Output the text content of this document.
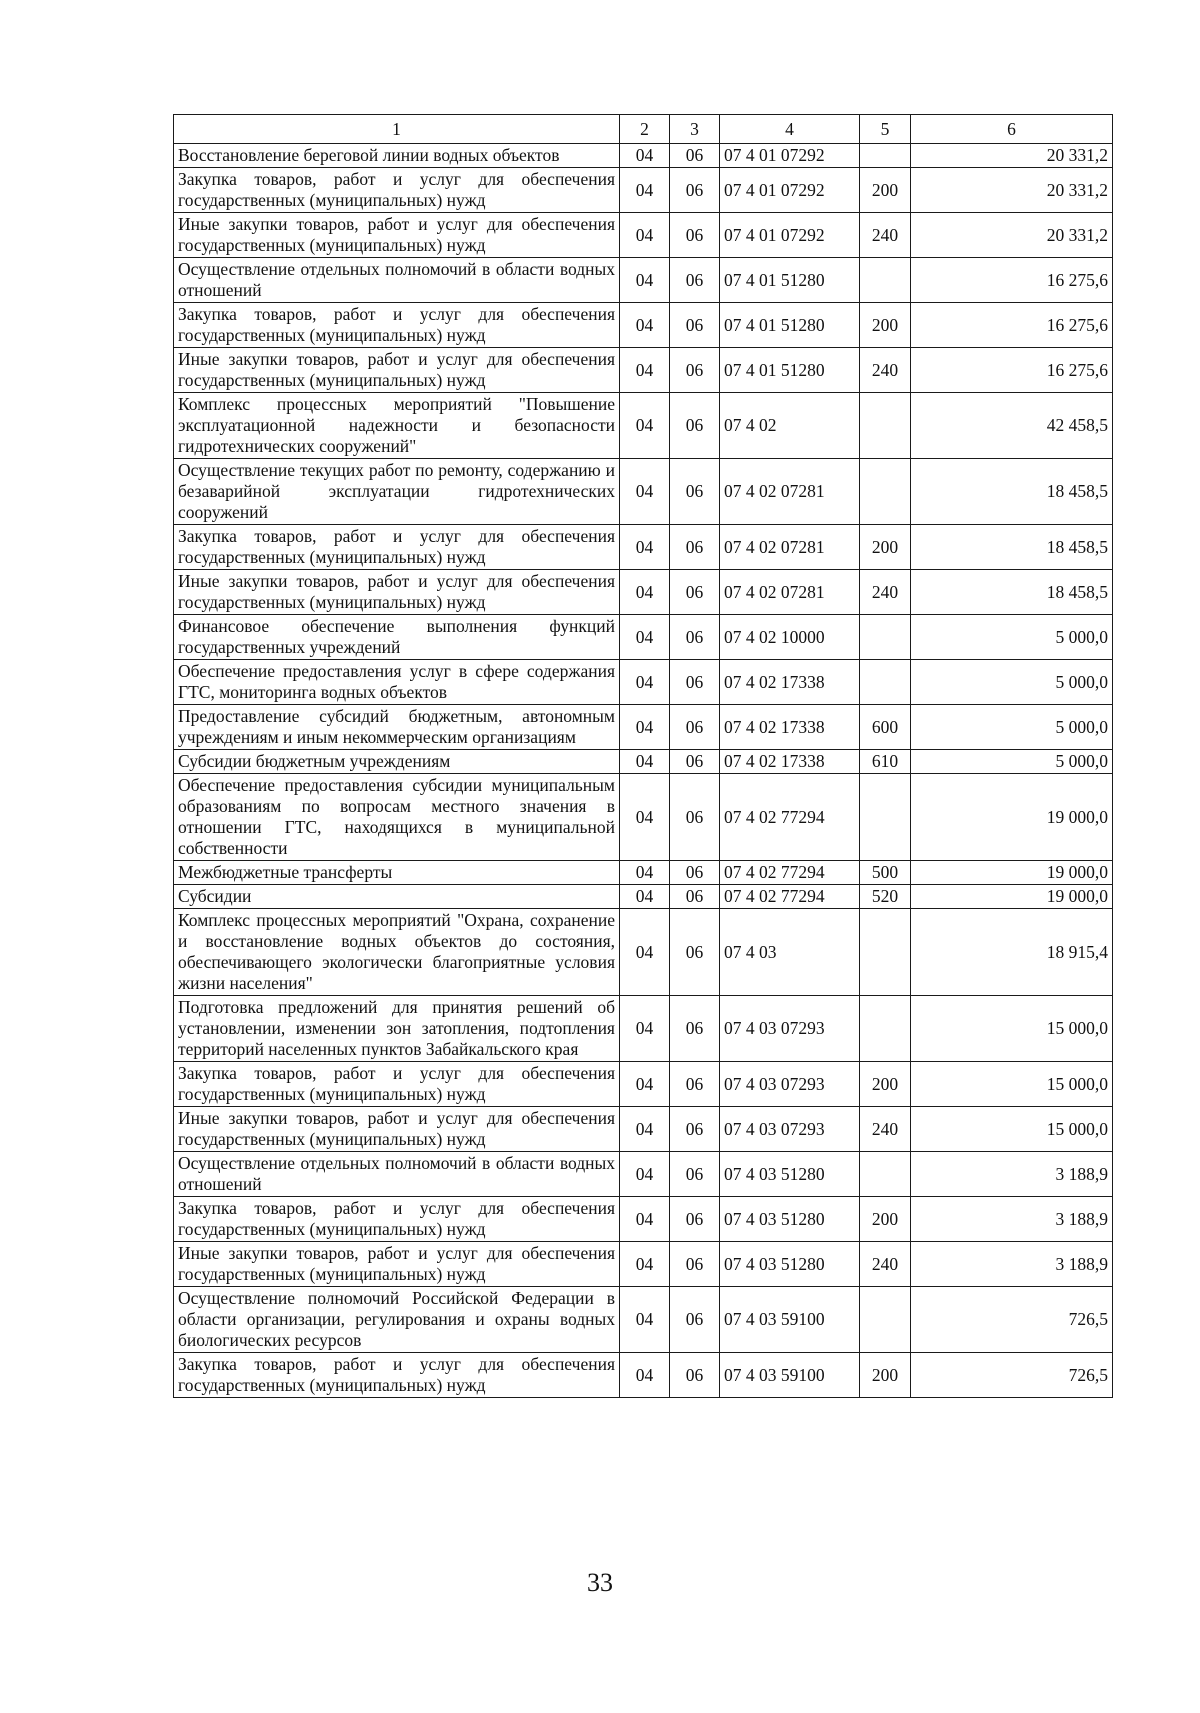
1	2	3	4	5	6
Восстановление береговой линии водных объектов	04	06	07 4 01 07292		20 331,2
Закупка товаров, работ и услуг для обеспечения государственных (муниципальных) нужд	04	06	07 4 01 07292	200	20 331,2
Иные закупки товаров, работ и услуг для обеспечения государственных (муниципальных) нужд	04	06	07 4 01 07292	240	20 331,2
Осуществление отдельных полномочий в области водных отношений	04	06	07 4 01 51280		16 275,6
Закупка товаров, работ и услуг для обеспечения государственных (муниципальных) нужд	04	06	07 4 01 51280	200	16 275,6
Иные закупки товаров, работ и услуг для обеспечения государственных (муниципальных) нужд	04	06	07 4 01 51280	240	16 275,6
Комплекс процессных мероприятий "Повышение эксплуатационной надежности и безопасности гидротехнических сооружений"	04	06	07 4 02		42 458,5
Осуществление текущих работ по ремонту, содержанию и безаварийной эксплуатации гидротехнических сооружений	04	06	07 4 02 07281		18 458,5
Закупка товаров, работ и услуг для обеспечения государственных (муниципальных) нужд	04	06	07 4 02 07281	200	18 458,5
Иные закупки товаров, работ и услуг для обеспечения государственных (муниципальных) нужд	04	06	07 4 02 07281	240	18 458,5
Финансовое обеспечение выполнения функций государственных учреждений	04	06	07 4 02 10000		5 000,0
Обеспечение предоставления услуг в сфере содержания ГТС, мониторинга водных объектов	04	06	07 4 02 17338		5 000,0
Предоставление субсидий бюджетным, автономным учреждениям и иным некоммерческим организациям	04	06	07 4 02 17338	600	5 000,0
Субсидии бюджетным учреждениям	04	06	07 4 02 17338	610	5 000,0
Обеспечение предоставления субсидии муниципальным образованиям по вопросам местного значения в отношении ГТС, находящихся в муниципальной собственности	04	06	07 4 02 77294		19 000,0
Межбюджетные трансферты	04	06	07 4 02 77294	500	19 000,0
Субсидии	04	06	07 4 02 77294	520	19 000,0
Комплекс процессных мероприятий "Охрана, сохранение и восстановление водных объектов до состояния, обеспечивающего экологически благоприятные условия жизни населения"	04	06	07 4 03		18 915,4
Подготовка предложений для принятия решений об установлении, изменении зон затопления, подтопления территорий населенных пунктов Забайкальского края	04	06	07 4 03 07293		15 000,0
Закупка товаров, работ и услуг для обеспечения государственных (муниципальных) нужд	04	06	07 4 03 07293	200	15 000,0
Иные закупки товаров, работ и услуг для обеспечения государственных (муниципальных) нужд	04	06	07 4 03 07293	240	15 000,0
Осуществление отдельных полномочий в области водных отношений	04	06	07 4 03 51280		3 188,9
Закупка товаров, работ и услуг для обеспечения государственных (муниципальных) нужд	04	06	07 4 03 51280	200	3 188,9
Иные закупки товаров, работ и услуг для обеспечения государственных (муниципальных) нужд	04	06	07 4 03 51280	240	3 188,9
Осуществление полномочий Российской Федерации в области организации, регулирования и охраны водных биологических ресурсов	04	06	07 4 03 59100		726,5
Закупка товаров, работ и услуг для обеспечения государственных (муниципальных) нужд	04	06	07 4 03 59100	200	726,5
33
